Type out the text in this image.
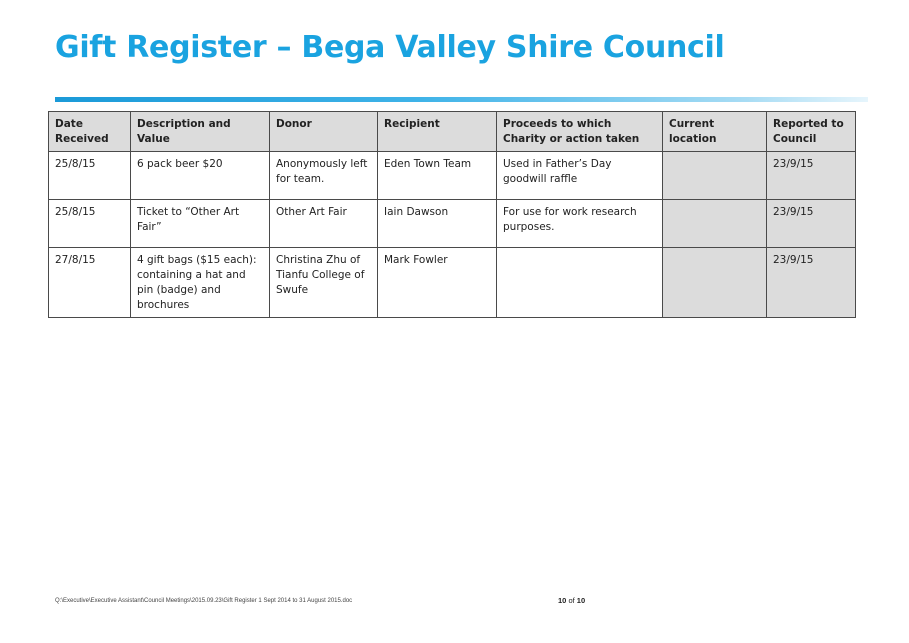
Gift Register – Bega Valley Shire Council
Date Received	Description and Value	Donor	Recipient	Proceeds to which Charity or action taken	Current location	Reported to Council
25/8/15	6 pack beer $20	Anonymously left for team.	Eden Town Team	Used in Father’s Day goodwill raffle		23/9/15
25/8/15	Ticket to “Other Art Fair”	Other Art Fair	Iain Dawson	For use for work research purposes.		23/9/15
27/8/15	4 gift bags ($15 each): containing a hat and pin (badge) and brochures	Christina Zhu of Tianfu College of Swufe	Mark Fowler			23/9/15
Q:\Executive\Executive Assistant\Council Meetings\2015.09.23\Gift Register 1 Sept 2014 to 31 August 2015.doc	10 of 10
